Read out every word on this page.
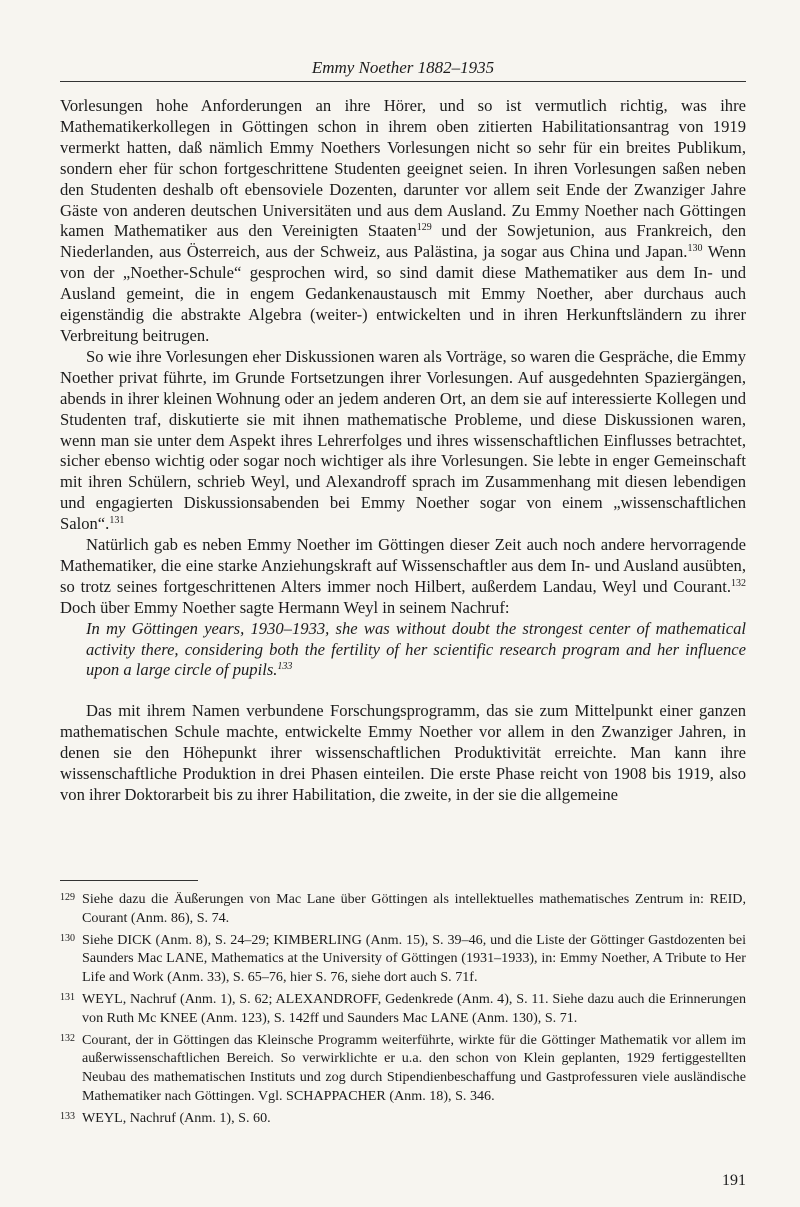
Emmy Noether 1882–1935

Vorlesungen hohe Anforderungen an ihre Hörer, und so ist vermutlich richtig, was ihre Mathematikerkollegen in Göttingen schon in ihrem oben zitierten Habilitationsantrag von 1919 vermerkt hatten, daß nämlich Emmy Noethers Vorlesungen nicht so sehr für ein breites Publikum, sondern eher für schon fortgeschrittene Studenten geeignet seien. In ihren Vorlesungen saßen neben den Studenten deshalb oft ebensoviele Dozenten, darunter vor allem seit Ende der Zwanziger Jahre Gäste von anderen deutschen Universitäten und aus dem Ausland. Zu Emmy Noether nach Göttingen kamen Mathematiker aus den Vereinigten Staaten$^{129}$ und der Sowjetunion, aus Frankreich, den Niederlanden, aus Österreich, aus der Schweiz, aus Palästina, ja sogar aus China und Japan.$^{130}$ Wenn von der „Noether-Schule“ gesprochen wird, so sind damit diese Mathematiker aus dem In- und Ausland gemeint, die in engem Gedankenaustausch mit Emmy Noether, aber durchaus auch eigenständig die abstrakte Algebra (weiter-) entwickelten und in ihren Herkunftsländern zu ihrer Verbreitung beitrugen.

So wie ihre Vorlesungen eher Diskussionen waren als Vorträge, so waren die Gespräche, die Emmy Noether privat führte, im Grunde Fortsetzungen ihrer Vorlesungen. Auf ausgedehnten Spaziergängen, abends in ihrer kleinen Wohnung oder an jedem anderen Ort, an dem sie auf interessierte Kollegen und Studenten traf, diskutierte sie mit ihnen mathematische Probleme, und diese Diskussionen waren, wenn man sie unter dem Aspekt ihres Lehrerfolges und ihres wissenschaftlichen Einflusses betrachtet, sicher ebenso wichtig oder sogar noch wichtiger als ihre Vorlesungen. Sie lebte in enger Gemeinschaft mit ihren Schülern, schrieb Weyl, und Alexandroff sprach im Zusammenhang mit diesen lebendigen und engagierten Diskussionsabenden bei Emmy Noether sogar von einem „wissenschaftlichen Salon“.$^{131}$

Natürlich gab es neben Emmy Noether im Göttingen dieser Zeit auch noch andere hervorragende Mathematiker, die eine starke Anziehungskraft auf Wissenschaftler aus dem In- und Ausland ausübten, so trotz seines fortgeschrittenen Alters immer noch Hilbert, außerdem Landau, Weyl und Courant.$^{132}$ Doch über Emmy Noether sagte Hermann Weyl in seinem Nachruf:

In my Göttingen years, 1930–1933, she was without doubt the strongest center of mathematical activity there, considering both the fertility of her scientific research program and her influence upon a large circle of pupils.$^{133}$

Das mit ihrem Namen verbundene Forschungsprogramm, das sie zum Mittelpunkt einer ganzen mathematischen Schule machte, entwickelte Emmy Noether vor allem in den Zwanziger Jahren, in denen sie den Höhepunkt ihrer wissenschaftlichen Produktivität erreichte. Man kann ihre wissenschaftliche Produktion in drei Phasen einteilen. Die erste Phase reicht von 1908 bis 1919, also von ihrer Doktorarbeit bis zu ihrer Habilitation, die zweite, in der sie die allgemeine

129 Siehe dazu die Äußerungen von Mac Lane über Göttingen als intellektuelles mathematisches Zentrum in: REID, Courant (Anm. 86), S. 74.
130 Siehe DICK (Anm. 8), S. 24–29; KIMBERLING (Anm. 15), S. 39–46, und die Liste der Göttinger Gastdozenten bei Saunders Mac LANE, Mathematics at the University of Göttingen (1931–1933), in: Emmy Noether, A Tribute to Her Life and Work (Anm. 33), S. 65–76, hier S. 76, siehe dort auch S. 71f.
131 WEYL, Nachruf (Anm. 1), S. 62; ALEXANDROFF, Gedenkrede (Anm. 4), S. 11. Siehe dazu auch die Erinnerungen von Ruth Mc KNEE (Anm. 123), S. 142ff und Saunders Mac LANE (Anm. 130), S. 71.
132 Courant, der in Göttingen das Kleinsche Programm weiterführte, wirkte für die Göttinger Mathematik vor allem im außerwissenschaftlichen Bereich. So verwirklichte er u.a. den schon von Klein geplanten, 1929 fertiggestellten Neubau des mathematischen Instituts und zog durch Stipendienbeschaffung und Gastprofessuren viele ausländische Mathematiker nach Göttingen. Vgl. SCHAPPACHER (Anm. 18), S. 346.
133 WEYL, Nachruf (Anm. 1), S. 60.
191
